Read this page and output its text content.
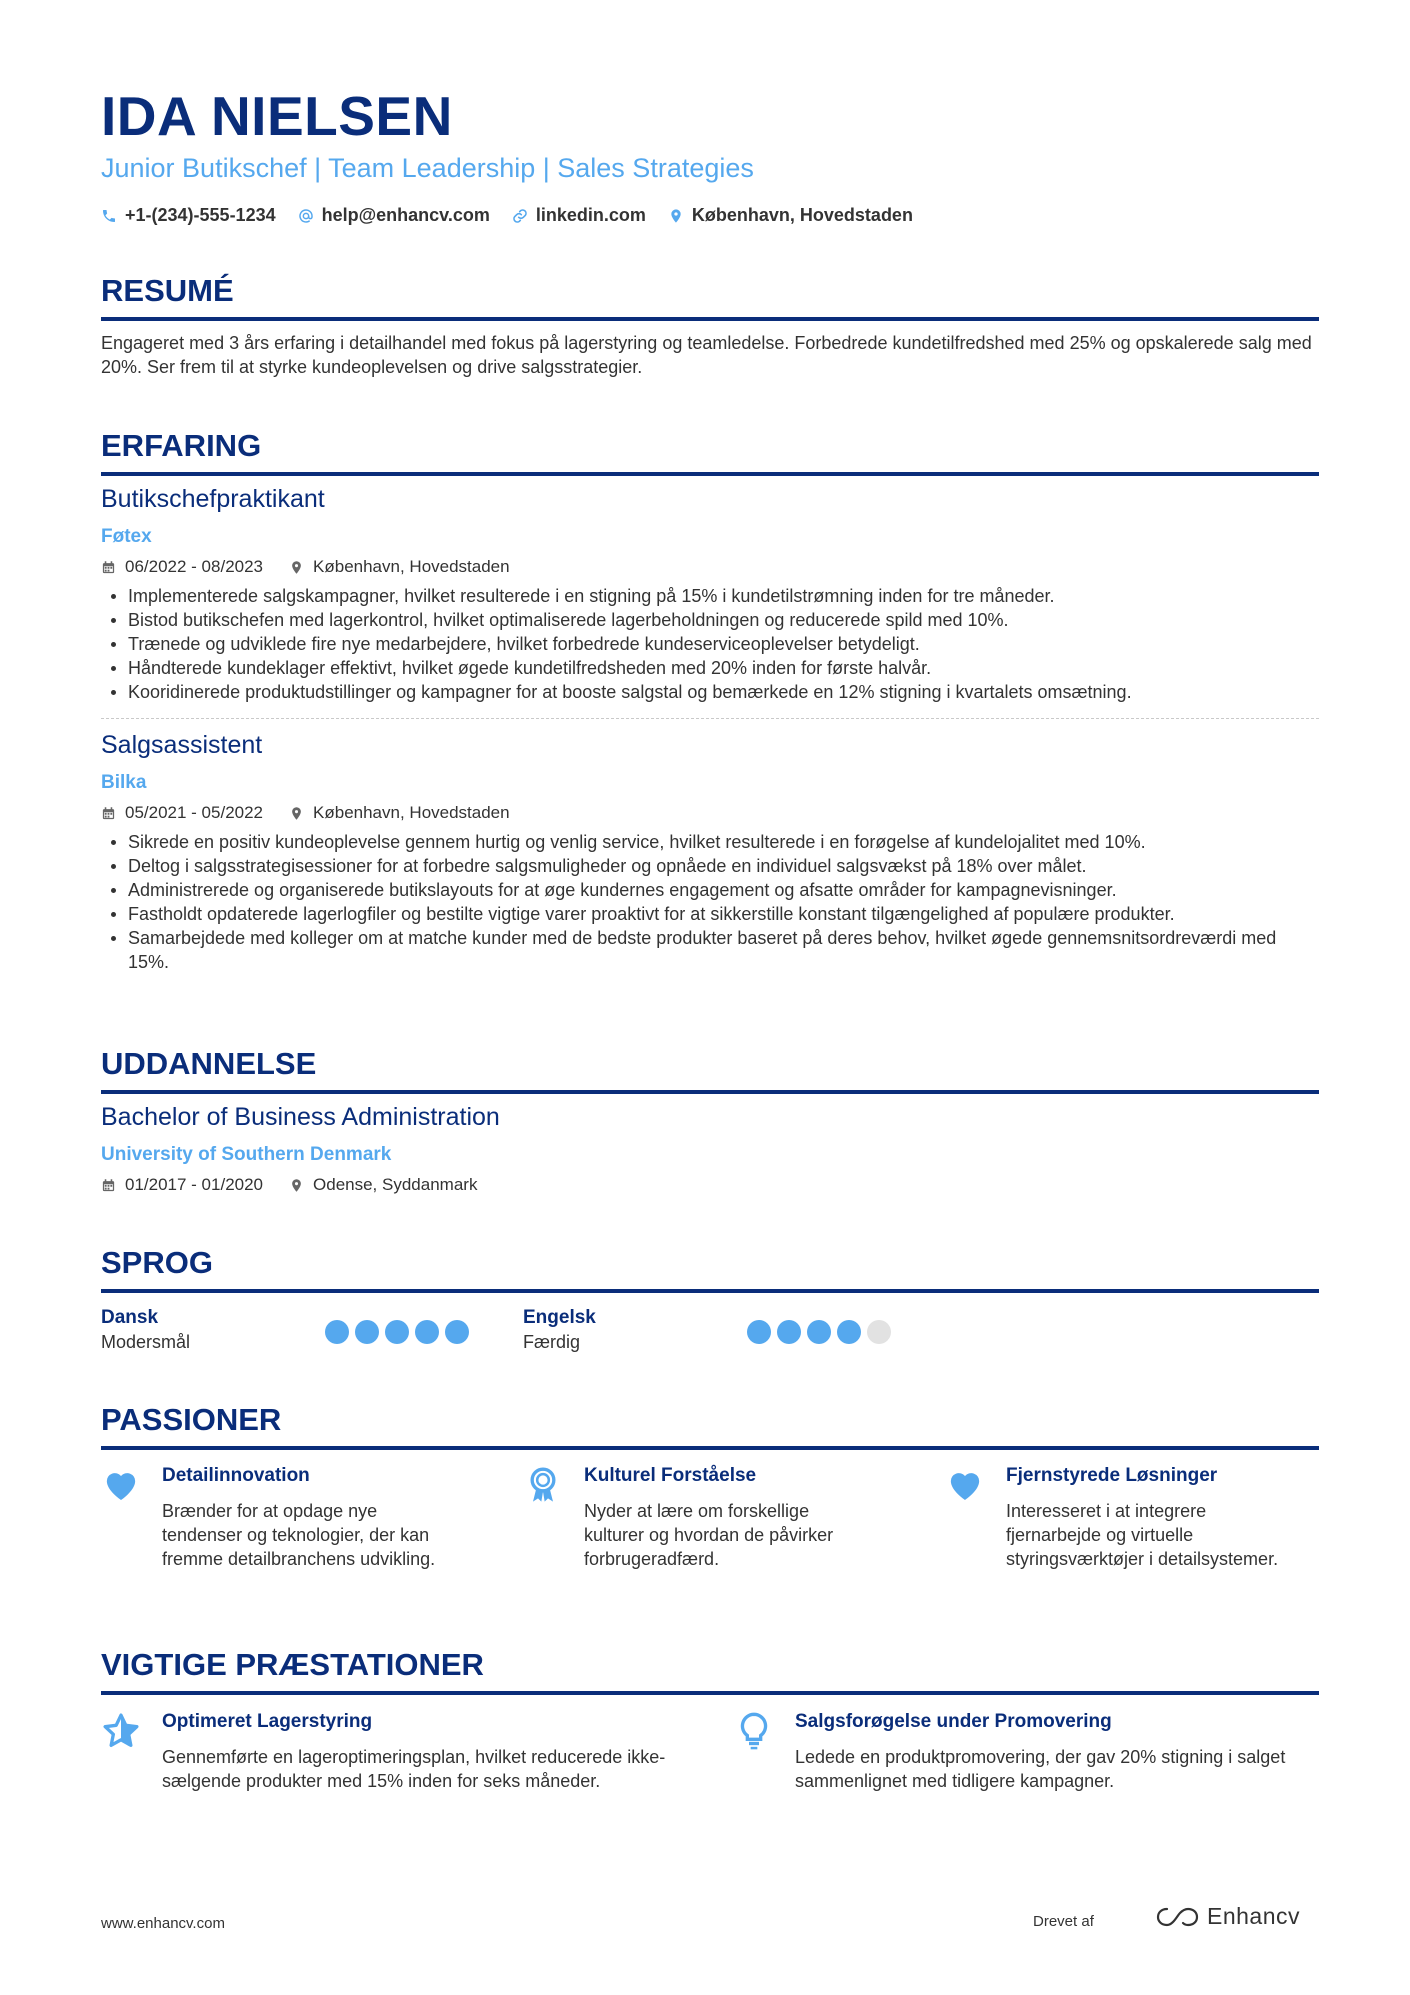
IDA NIELSEN
Junior Butikschef | Team Leadership | Sales Strategies
+1-(234)-555-1234	help@enhancv.com	linkedin.com	København, Hovedstaden
RESUMÉ
Engageret med 3 års erfaring i detailhandel med fokus på lagerstyring og teamledelse. Forbedrede kundetilfredshed med 25% og opskalerede salg med 20%. Ser frem til at styrke kundeoplevelsen og drive salgsstrategier.
ERFARING
Butikschefpraktikant
Føtex
06/2022 - 08/2023	København, Hovedstaden
Implementerede salgskampagner, hvilket resulterede i en stigning på 15% i kundetilstrømning inden for tre måneder.
Bistod butikschefen med lagerkontrol, hvilket optimaliserede lagerbeholdningen og reducerede spild med 10%.
Trænede og udviklede fire nye medarbejdere, hvilket forbedrede kundeserviceoplevelser betydeligt.
Håndterede kundeklager effektivt, hvilket øgede kundetilfredsheden med 20% inden for første halvår.
Kooridinerede produktudstillinger og kampagner for at booste salgstal og bemærkede en 12% stigning i kvartalets omsætning.
Salgsassistent
Bilka
05/2021 - 05/2022	København, Hovedstaden
Sikrede en positiv kundeoplevelse gennem hurtig og venlig service, hvilket resulterede i en forøgelse af kundelojalitet med 10%.
Deltog i salgsstrategisessioner for at forbedre salgsmuligheder og opnåede en individuel salgsvækst på 18% over målet.
Administrerede og organiserede butikslayouts for at øge kundernes engagement og afsatte områder for kampagnevisninger.
Fastholdt opdaterede lagerlogfiler og bestilte vigtige varer proaktivt for at sikkerstille konstant tilgængelighed af populære produkter.
Samarbejdede med kolleger om at matche kunder med de bedste produkter baseret på deres behov, hvilket øgede gennemsnitsordreværdi med 15%.
UDDANNELSE
Bachelor of Business Administration
University of Southern Denmark
01/2017 - 01/2020	Odense, Syddanmark
SPROG
Dansk
Modersmål
Engelsk
Færdig
PASSIONER
Detailinnovation
Brænder for at opdage nye tendenser og teknologier, der kan fremme detailbranchens udvikling.
Kulturel Forståelse
Nyder at lære om forskellige kulturer og hvordan de påvirker forbrugeradfærd.
Fjernstyrede Løsninger
Interesseret i at integrere fjernarbejde og virtuelle styringsværktøjer i detailsystemer.
VIGTIGE PRÆSTATIONER
Optimeret Lagerstyring
Gennemførte en lageroptimeringsplan, hvilket reducerede ikke-sælgende produkter med 15% inden for seks måneder.
Salgsforøgelse under Promovering
Ledede en produktpromovering, der gav 20% stigning i salget sammenlignet med tidligere kampagner.
www.enhancv.com	Drevet af	Enhancv
